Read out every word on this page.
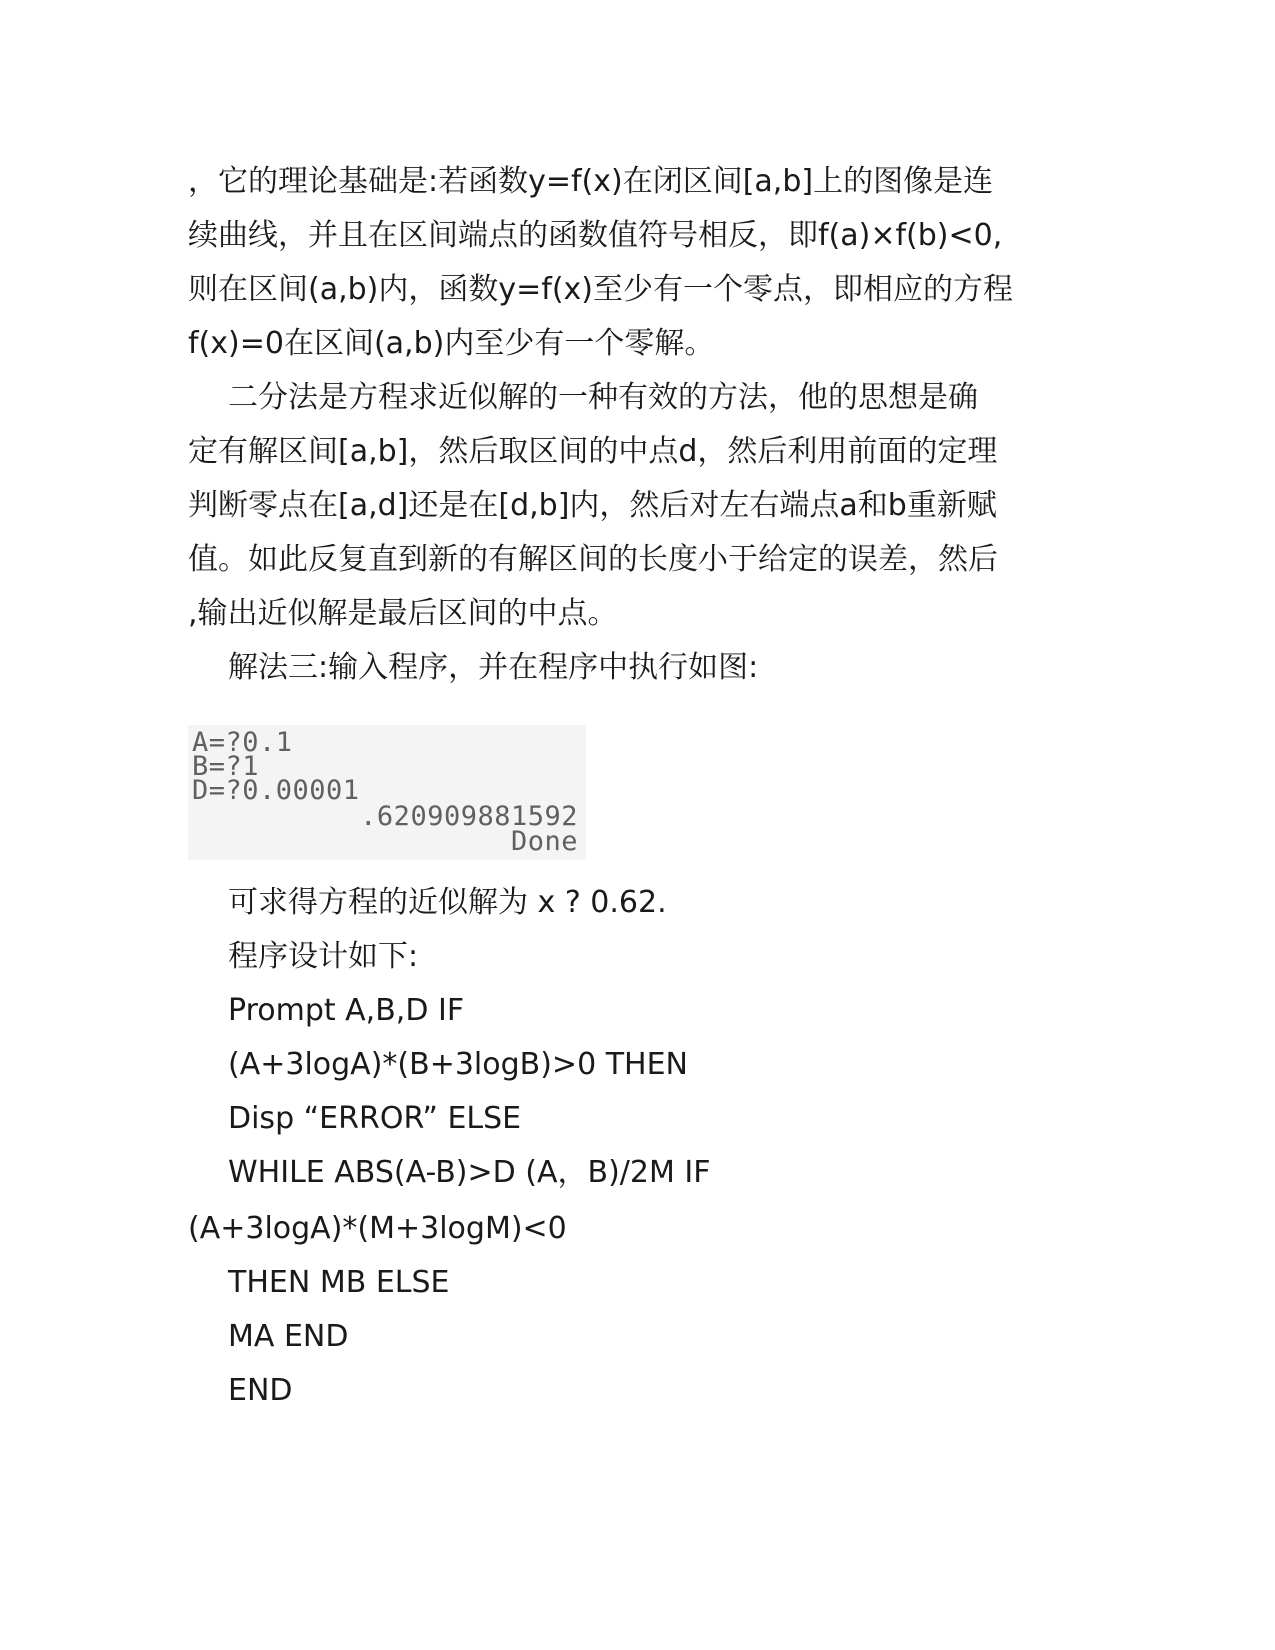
，它的理论基础是:若函数y=f(x)在闭区间[a,b]上的图像是连
续曲线，并且在区间端点的函数值符号相反，即f(a)×f(b)<0,
则在区间(a,b)内，函数y=f(x)至少有一个零点，即相应的方程
f(x)=0在区间(a,b)内至少有一个零解。
二分法是方程求近似解的一种有效的方法，他的思想是确
定有解区间[a,b]，然后取区间的中点d，然后利用前面的定理
判断零点在[a,d]还是在[d,b]内，然后对左右端点a和b重新赋
值。如此反复直到新的有解区间的长度小于给定的误差，然后
,输出近似解是最后区间的中点。
解法三:输入程序，并在程序中执行如图:
A=?0.1
B=?1
D=?0.00001
.620909881592
Done
可求得方程的近似解为 x ? 0.62.
程序设计如下:
Prompt A,B,D IF
(A+3logA)*(B+3logB)>0 THEN
Disp “ERROR” ELSE
WHILE ABS(A-B)>D (A，B)/2M IF
(A+3logA)*(M+3logM)<0
THEN MB ELSE
MA END
END
